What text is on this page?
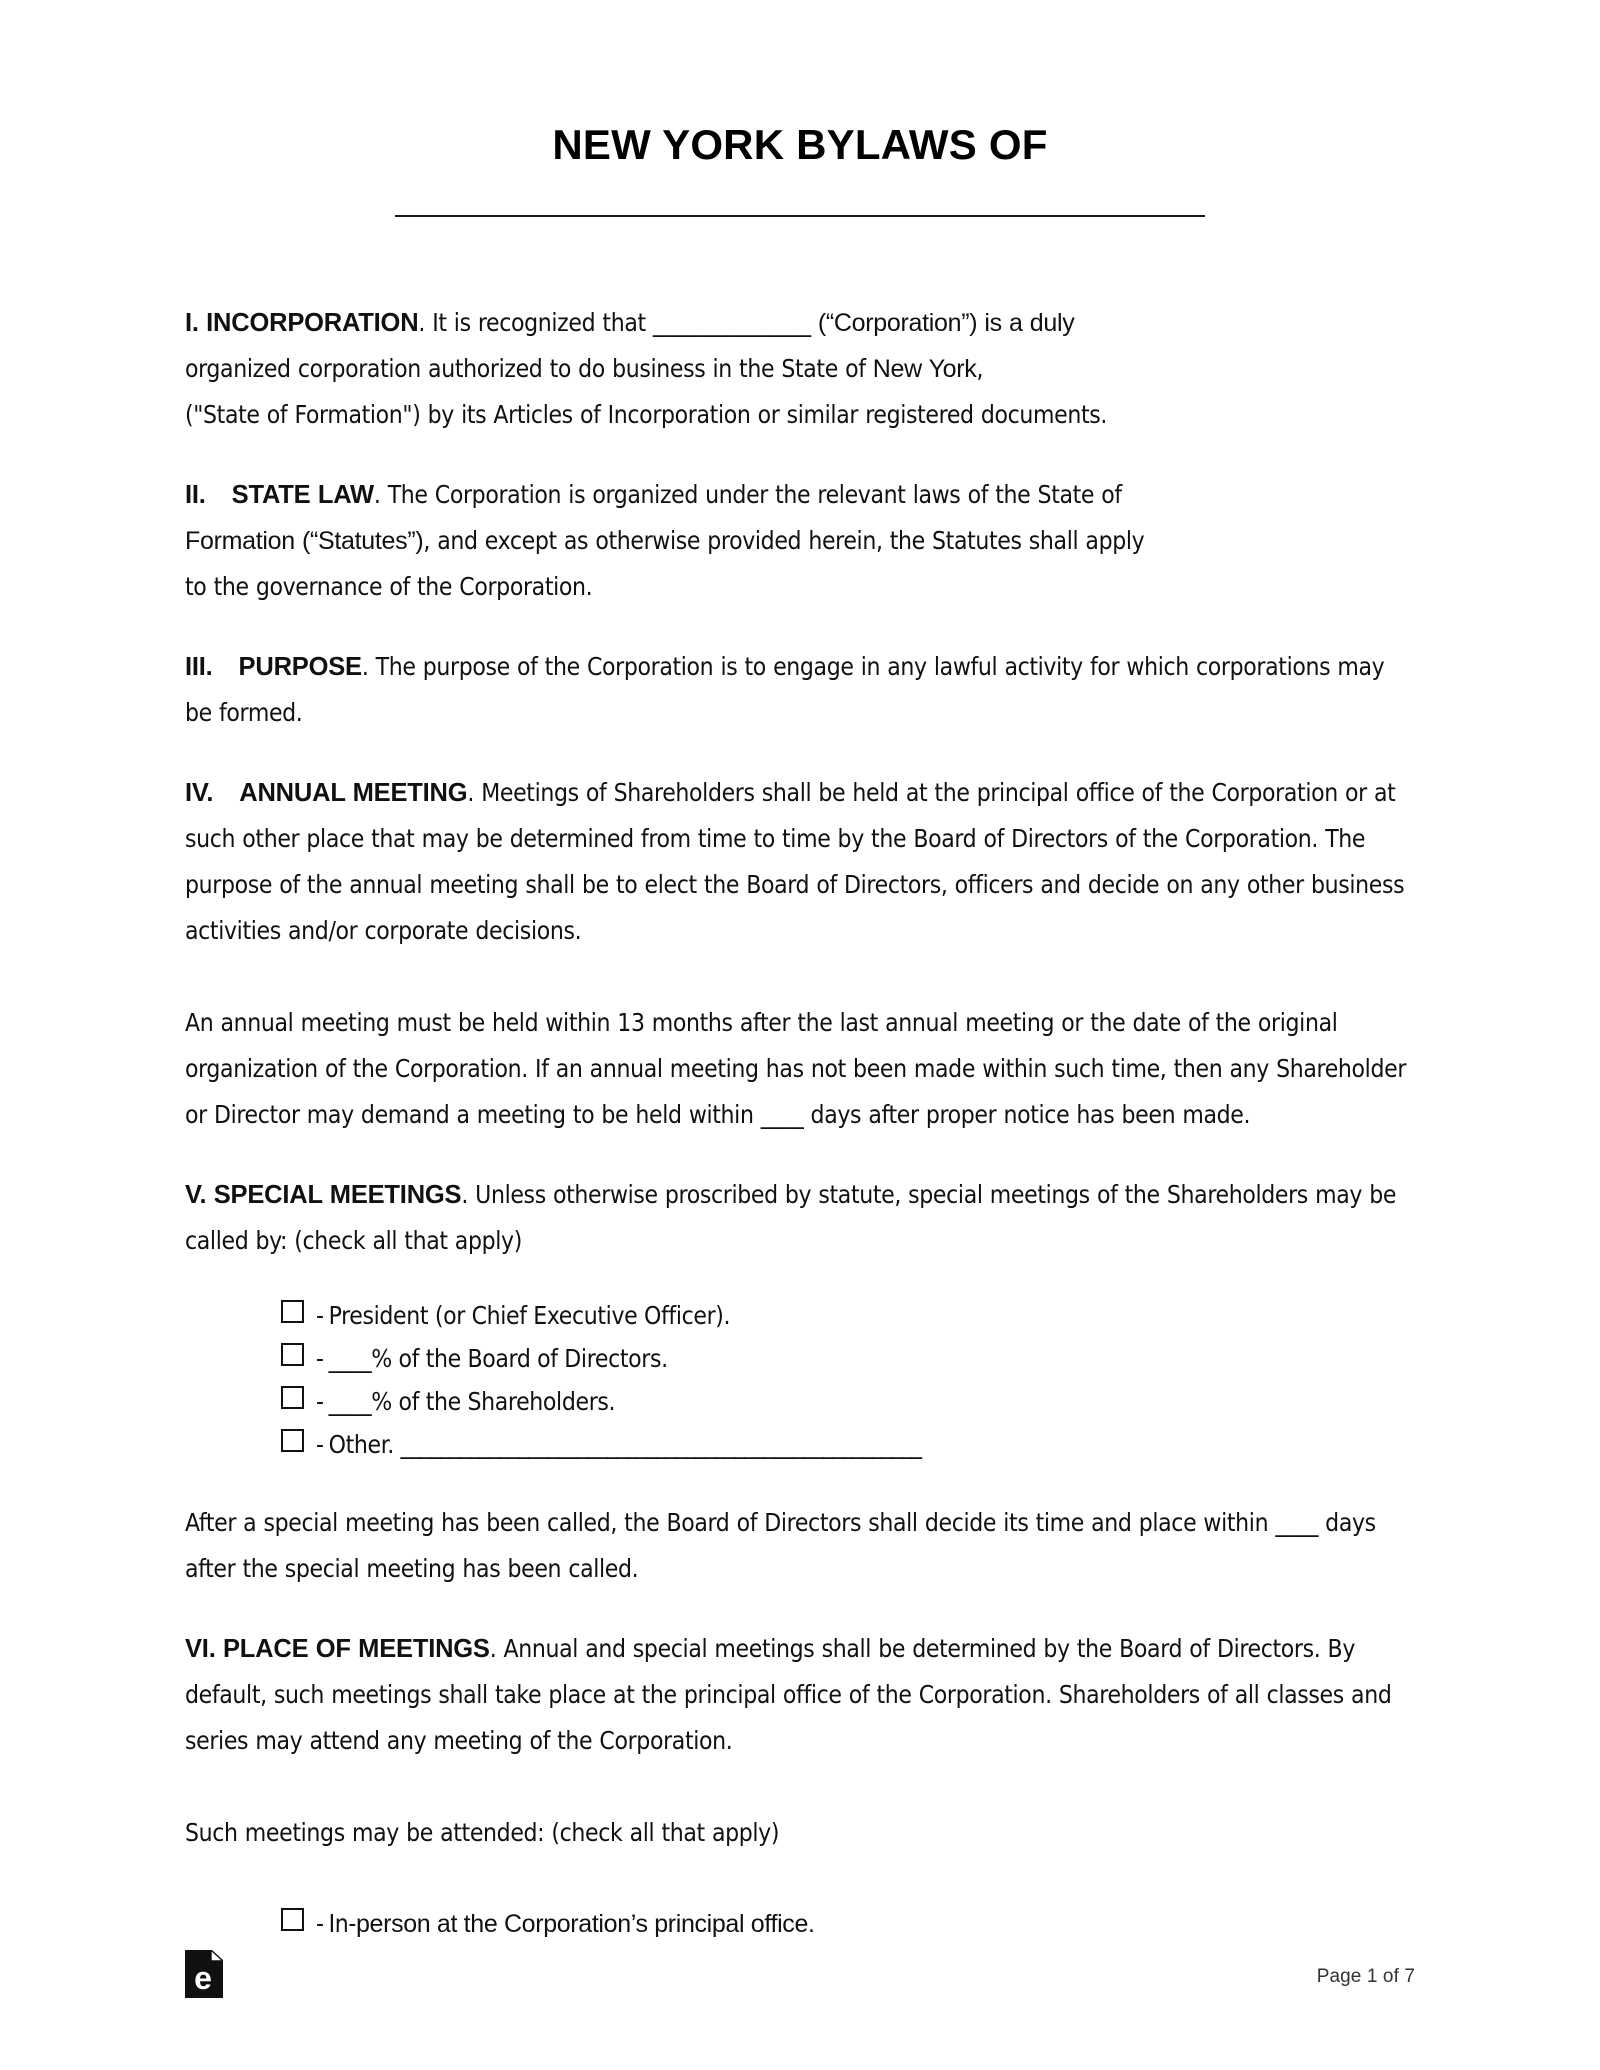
NEW YORK BYLAWS OF

I. INCORPORATION. It is recognized that _______________ (“Corporation”) is a duly
organized corporation authorized to do business in the State of New York,
("State of Formation") by its Articles of Incorporation or similar registered documents.

II. STATE LAW. The Corporation is organized under the relevant laws of the State of
Formation (“Statutes”), and except as otherwise provided herein, the Statutes shall apply
to the governance of the Corporation.

III. PURPOSE. The purpose of the Corporation is to engage in any lawful activity for which corporations may be formed.

IV. ANNUAL MEETING. Meetings of Shareholders shall be held at the principal office of the Corporation or at such other place that may be determined from time to time by the Board of Directors of the Corporation. The purpose of the annual meeting shall be to elect the Board of Directors, officers and decide on any other business activities and/or corporate decisions.

An annual meeting must be held within 13 months after the last annual meeting or the date of the original organization of the Corporation. If an annual meeting has not been made within such time, then any Shareholder or Director may demand a meeting to be held within ____ days after proper notice has been made.

V. SPECIAL MEETINGS. Unless otherwise proscribed by statute, special meetings of the Shareholders may be called by: (check all that apply)

- President (or Chief Executive Officer).
- ____% of the Board of Directors.
- ____% of the Shareholders.
- Other. _____________________________________________________

After a special meeting has been called, the Board of Directors shall decide its time and place within ____ days after the special meeting has been called.

VI. PLACE OF MEETINGS. Annual and special meetings shall be determined by the Board of Directors. By default, such meetings shall take place at the principal office of the Corporation. Shareholders of all classes and series may attend any meeting of the Corporation.

Such meetings may be attended: (check all that apply)

- In-person at the Corporation’s principal office.
e	Page 1 of 7
